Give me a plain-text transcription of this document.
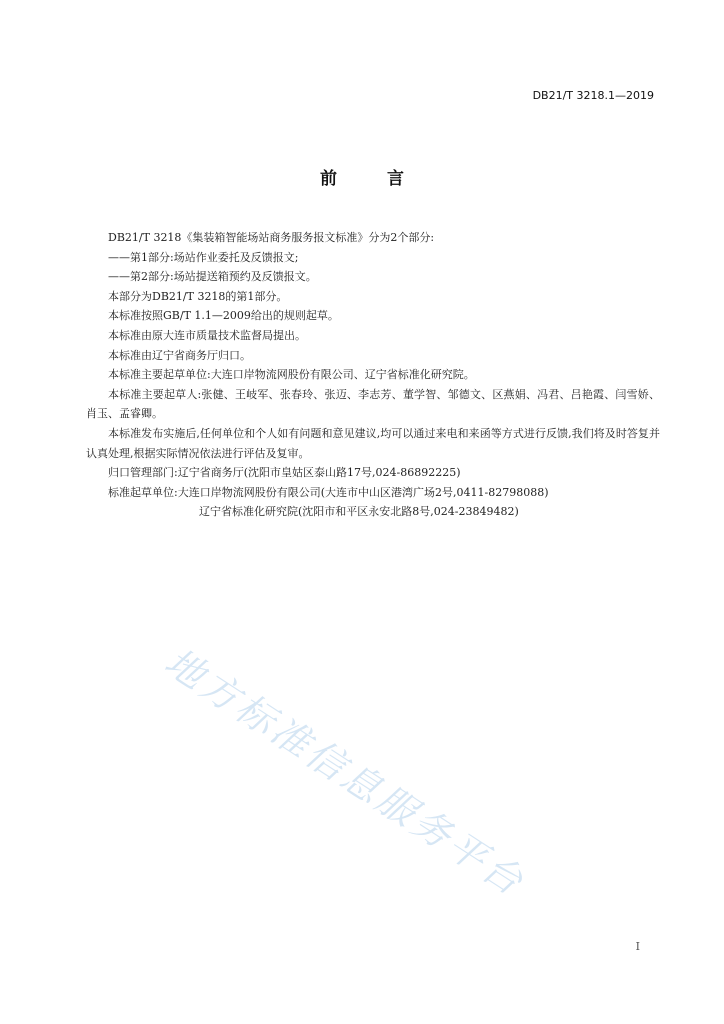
DB21/T 3218.1—2019
前 言

DB21/T 3218《集装箱智能场站商务服务报文标准》分为2个部分:

——第1部分:场站作业委托及反馈报文;

——第2部分:场站提送箱预约及反馈报文。

本部分为DB21/T 3218的第1部分。

本标准按照GB/T 1.1—2009给出的规则起草。

本标准由原大连市质量技术监督局提出。

本标准由辽宁省商务厅归口。

本标准主要起草单位:大连口岸物流网股份有限公司、辽宁省标准化研究院。

本标准主要起草人:张健、王岐军、张春玲、张迈、李志芳、董学智、邹德文、区燕娟、冯君、吕艳霞、闫雪娇、肖玉、孟睿卿。

本标准发布实施后,任何单位和个人如有问题和意见建议,均可以通过来电和来函等方式进行反馈,我们将及时答复并认真处理,根据实际情况依法进行评估及复审。

归口管理部门:辽宁省商务厅(沈阳市皇姑区泰山路17号,024-86892225)

标准起草单位:大连口岸物流网股份有限公司(大连市中山区港湾广场2号,0411-82798088)

辽宁省标准化研究院(沈阳市和平区永安北路8号,024-23849482)

地方标准信息服务平台
I
